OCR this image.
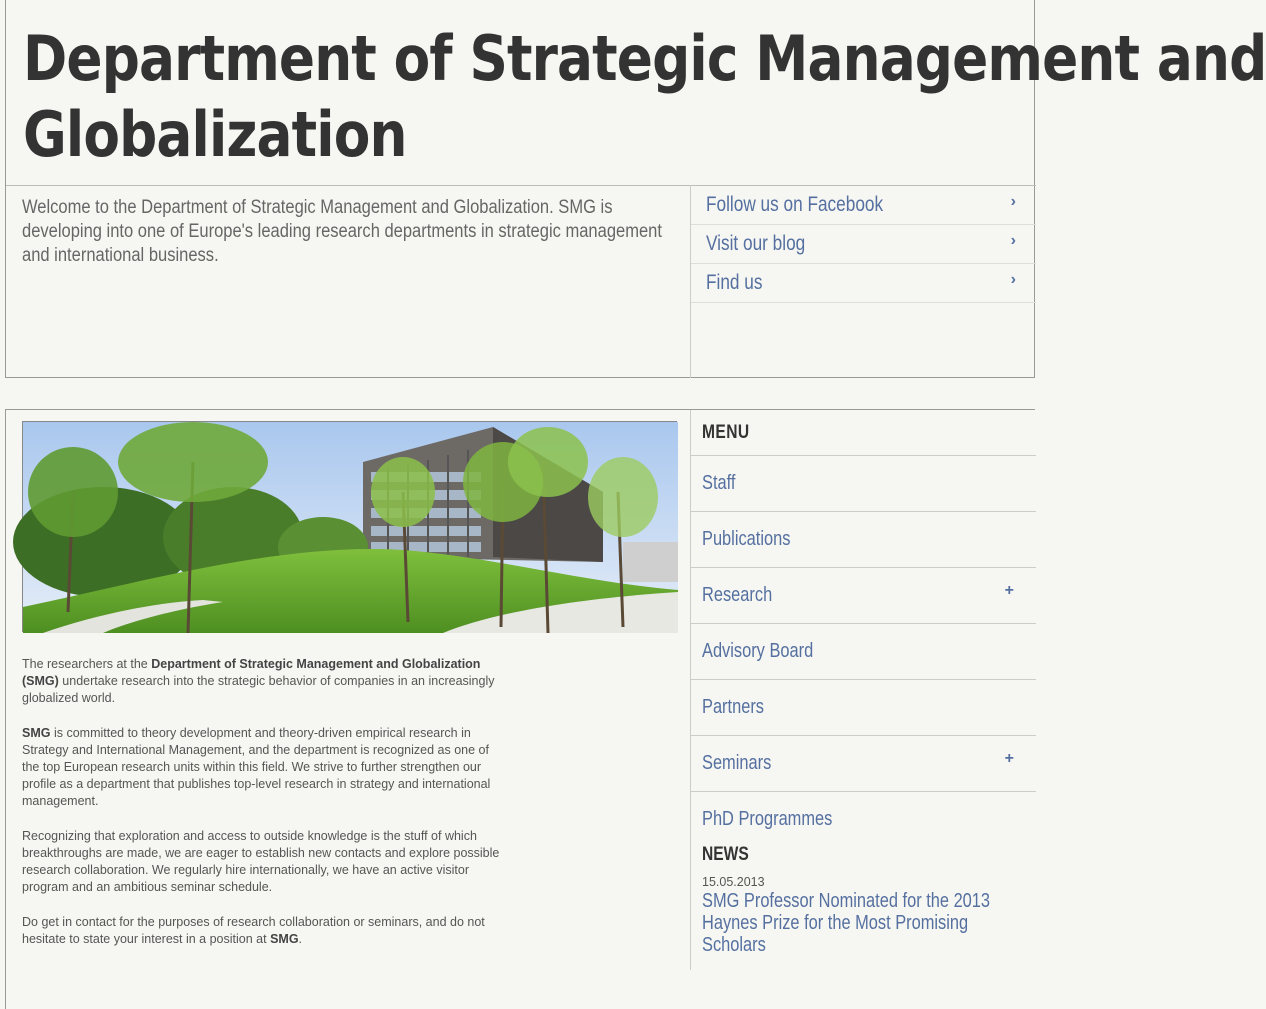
Department of Strategic Management and
Globalization

Welcome to the Department of Strategic Management and Globalization. SMG is developing into one of Europe's leading research departments in strategic management and international business.

Follow us on Facebook	›
Visit our blog	›
Find us	›

The researchers at the Department of Strategic Management and Globalization (SMG) undertake research into the strategic behavior of companies in an increasingly globalized world.

SMG is committed to theory development and theory-driven empirical research in Strategy and International Management, and the department is recognized as one of the top European research units within this field. We strive to further strengthen our profile as a department that publishes top-level research in strategy and international management.

Recognizing that exploration and access to outside knowledge is the stuff of which breakthroughs are made, we are eager to establish new contacts and explore possible research collaboration. We regularly hire internationally, we have an active visitor program and an ambitious seminar schedule.

Do get in contact for the purposes of research collaboration or seminars, and do not hesitate to state your interest in a position at SMG.

MENU
Staff
Publications
Research	+
Advisory Board
Partners
Seminars	+
PhD Programmes
NEWS
15.05.2013
SMG Professor Nominated for the 2013 Haynes Prize for the Most Promising Scholars
